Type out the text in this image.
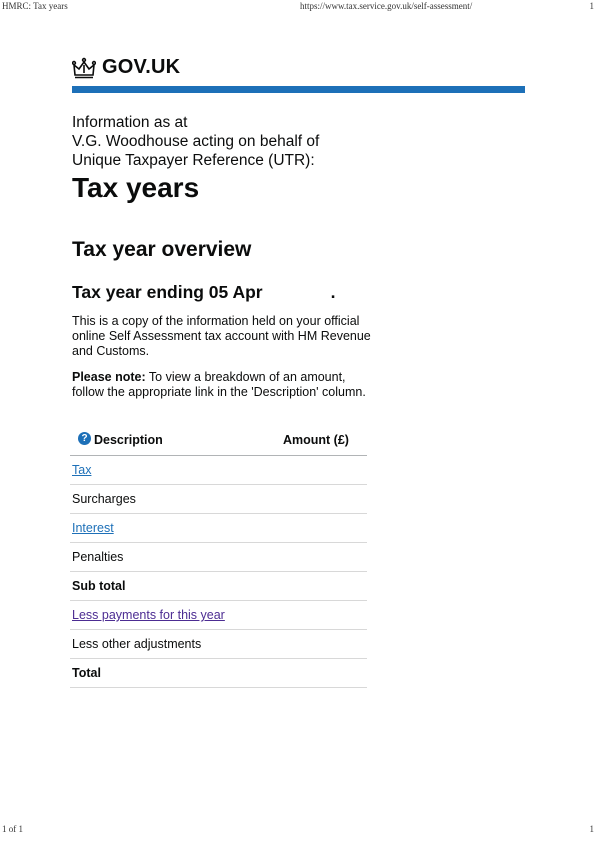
HMRC: Tax years	https://www.tax.service.gov.uk/self-assessment/	1
GOV.UK
Information as at
V.G. Woodhouse acting on behalf of
Unique Taxpayer Reference (UTR):
Tax years
Tax year overview
Tax year ending 05 Apr	.
This is a copy of the information held on your official online Self Assessment tax account with HM Revenue and Customs.
Please note: To view a breakdown of an amount, follow the appropriate link in the 'Description' column.
? Description	Amount (£)
Tax
Surcharges
Interest
Penalties
Sub total
Less payments for this year
Less other adjustments
Total
1 of 1	1
